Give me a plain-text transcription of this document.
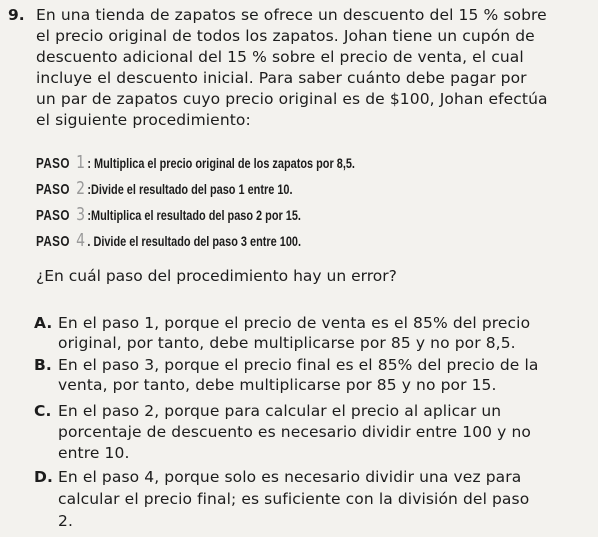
9. En una tienda de zapatos se ofrece un descuento del 15 % sobre
el precio original de todos los zapatos. Johan tiene un cupón de
descuento adicional del 15 % sobre el precio de venta, el cual
incluye el descuento inicial. Para saber cuánto debe pagar por
un par de zapatos cuyo precio original es de $100, Johan efectúa
el siguiente procedimiento:
PASO 1 : Multiplica el precio original de los zapatos por 8,5.
PASO 2 :Divide el resultado del paso 1 entre 10.
PASO 3 :Multiplica el resultado del paso 2 por 15.
PASO 4 . Divide el resultado del paso 3 entre 100.
¿En cuál paso del procedimiento hay un error?
A. En el paso 1, porque el precio de venta es el 85% del precio
original, por tanto, debe multiplicarse por 85 y no por 8,5.
B. En el paso 3, porque el precio final es el 85% del precio de la
venta, por tanto, debe multiplicarse por 85 y no por 15.
C. En el paso 2, porque para calcular el precio al aplicar un
porcentaje de descuento es necesario dividir entre 100 y no
entre 10.
D. En el paso 4, porque solo es necesario dividir una vez para
calcular el precio final; es suficiente con la división del paso
2.
